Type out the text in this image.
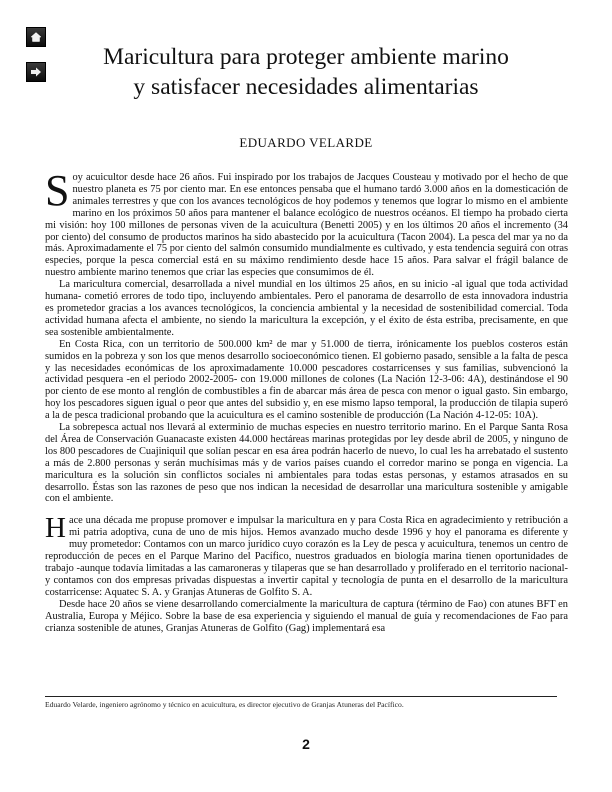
Maricultura para proteger ambiente marino
y satisfacer necesidades alimentarias
EDUARDO VELARDE

Soy acuicultor desde hace 26 años. Fui inspirado por los trabajos de Jacques Cousteau y motivado por el hecho de que nuestro planeta es 75 por ciento mar. En ese entonces pensaba que el humano tardó 3.000 años en la domesticación de animales terrestres y que con los avances tecnológicos de hoy podemos y tenemos que lograr lo mismo en el ambiente marino en los próximos 50 años para mantener el balance ecológico de nuestros océanos. El tiempo ha probado cierta mi visión: hoy 100 millones de personas viven de la acuicultura (Benetti 2005) y en los últimos 20 años el incremento (34 por ciento) del consumo de productos marinos ha sido abastecido por la acuicultura (Tacon 2004). La pesca del mar ya no da más. Aproximadamente el 75 por ciento del salmón consumido mundialmente es cultivado, y esta tendencia seguirá con otras especies, porque la pesca comercial está en su máximo rendimiento desde hace 15 años. Para salvar el frágil balance de nuestro ambiente marino tenemos que criar las especies que consumimos de él.

La maricultura comercial, desarrollada a nivel mundial en los últimos 25 años, en su inicio -al igual que toda actividad humana- cometió errores de todo tipo, incluyendo ambientales. Pero el panorama de desarrollo de esta innovadora industria es prometedor gracias a los avances tecnológicos, la conciencia ambiental y la necesidad de sostenibilidad comercial. Toda actividad humana afecta el ambiente, no siendo la maricultura la excepción, y el éxito de ésta estriba, precisamente, en que sea sostenible ambientalmente.

En Costa Rica, con un territorio de 500.000 km² de mar y 51.000 de tierra, irónicamente los pueblos costeros están sumidos en la pobreza y son los que menos desarrollo socioeconómico tienen. El gobierno pasado, sensible a la falta de pesca y las necesidades económicas de los aproximadamente 10.000 pescadores costarricenses y sus familias, subvencionó la actividad pesquera -en el periodo 2002-2005- con 19.000 millones de colones (La Nación 12-3-06: 4A), destinándose el 90 por ciento de ese monto al renglón de combustibles a fin de abarcar más área de pesca con menor o igual gasto. Sin embargo, hoy los pescadores siguen igual o peor que antes del subsidio y, en ese mismo lapso temporal, la producción de tilapia superó a la de pesca tradicional probando que la acuicultura es el camino sostenible de producción (La Nación 4-12-05: 10A).

La sobrepesca actual nos llevará al exterminio de muchas especies en nuestro territorio marino. En el Parque Santa Rosa del Área de Conservación Guanacaste existen 44.000 hectáreas marinas protegidas por ley desde abril de 2005, y ninguno de los 800 pescadores de Cuajiniquil que solían pescar en esa área podrán hacerlo de nuevo, lo cual les ha arrebatado el sustento a más de 2.800 personas y serán muchísimas más y de varios países cuando el corredor marino se ponga en vigencia. La maricultura es la solución sin conflictos sociales ni ambientales para todas estas personas, y estamos atrasados en su desarrollo. Éstas son las razones de peso que nos indican la necesidad de desarrollar una maricultura sostenible y amigable con el ambiente.

Hace una década me propuse promover e impulsar la maricultura en y para Costa Rica en agradecimiento y retribución a mi patria adoptiva, cuna de uno de mis hijos. Hemos avanzado mucho desde 1996 y hoy el panorama es diferente y muy prometedor: Contamos con un marco jurídico cuyo corazón es la Ley de pesca y acuicultura, tenemos un centro de reproducción de peces en el Parque Marino del Pacífico, nuestros graduados en biología marina tienen oportunidades de trabajo -aunque todavía limitadas a las camaroneras y tilaperas que se han desarrollado y proliferado en el territorio nacional- y contamos con dos empresas privadas dispuestas a invertir capital y tecnología de punta en el desarrollo de la maricultura costarricense: Aquatec S. A. y Granjas Atuneras de Golfito S. A.

Desde hace 20 años se viene desarrollando comercialmente la maricultura de captura (término de Fao) con atunes BFT en Australia, Europa y Méjico. Sobre la base de esa experiencia y siguiendo el manual de guía y recomendaciones de Fao para crianza sostenible de atunes, Granjas Atuneras de Golfito (Gag) implementará esa

Eduardo Velarde, ingeniero agrónomo y técnico en acuicultura, es director ejecutivo de Granjas Atuneras del Pacífico.
2
